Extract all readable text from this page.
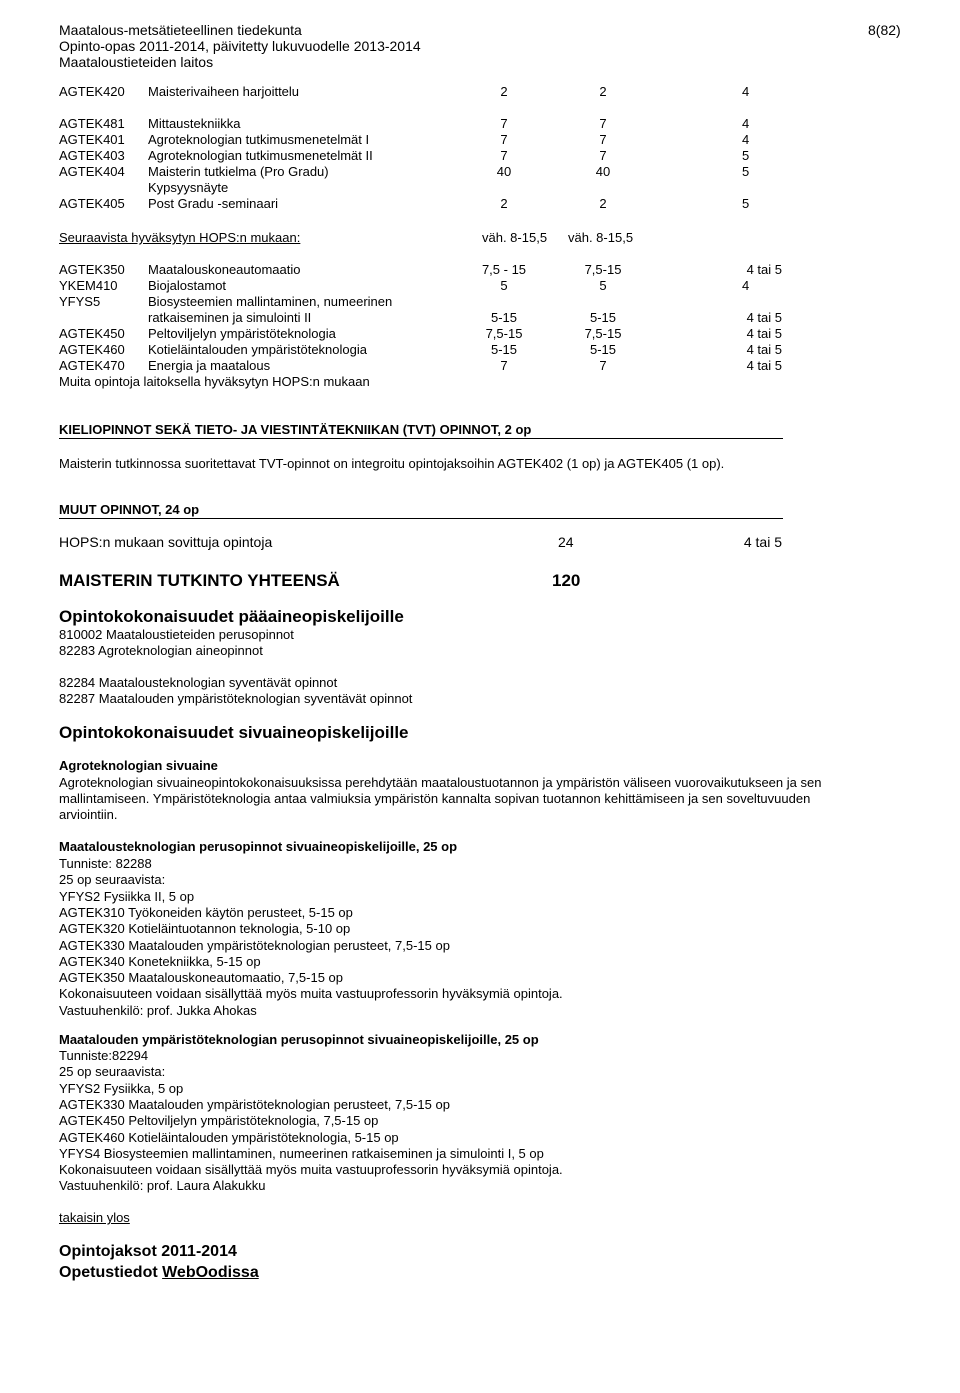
Maatalous-metsätieteellinen tiedekunta
Opinto-opas 2011-2014, päivitetty lukuvuodelle 2013-2014
Maataloustieteiden laitos
8(82)
AGTEK420 Maisterivaiheen harjoittelu	2	2	4
AGTEK481 Mittaustekniikka	7	7	4
AGTEK401 Agroteknologian tutkimusmenetelmät I	7	7	4
AGTEK403 Agroteknologian tutkimusmenetelmät II	7	7	5
AGTEK404 Maisterin tutkielma (Pro Gradu)	40	40	5
Kypsyysnäyte
AGTEK405 Post Gradu -seminaari	2	2	5
Seuraavista hyväksytyn HOPS:n mukaan:	väh. 8-15,5 väh. 8-15,5
AGTEK350 Maatalouskoneautomaatio	7,5 - 15	7,5-15	4 tai 5
YKEM410 Biojalostamot	5	5	4
YFYS5	Biosysteemien mallintaminen, numeerinen
ratkaiseminen ja simulointi II	5-15	5-15	4 tai 5
AGTEK450 Peltoviljelyn ympäristöteknologia	7,5-15	7,5-15	4 tai 5
AGTEK460 Kotieläintalouden ympäristöteknologia	5-15	5-15	4 tai 5
AGTEK470 Energia ja maatalous	7	7	4 tai 5
Muita opintoja laitoksella hyväksytyn HOPS:n mukaan
KIELIOPINNOT SEKÄ TIETO- JA VIESTINTÄTEKNIIKAN (TVT) OPINNOT, 2 op
Maisterin tutkinnossa suoritettavat TVT-opinnot on integroitu opintojaksoihin AGTEK402 (1 op) ja AGTEK405 (1 op).
MUUT OPINNOT, 24 op
HOPS:n mukaan sovittuja opintoja	24	4 tai 5
MAISTERIN TUTKINTO YHTEENSÄ	120
Opintokokonaisuudet pääaineopiskelijoille
810002 Maataloustieteiden perusopinnot
82283 Agroteknologian aineopinnot
82284 Maatalousteknologian syventävät opinnot
82287 Maatalouden ympäristöteknologian syventävät opinnot
Opintokokonaisuudet sivuaineopiskelijoille
Agroteknologian sivuaine
Agroteknologian sivuaineopintokokonaisuuksissa perehdytään maataloustuotannon ja ympäristön väliseen vuorovaikutukseen ja sen
mallintamiseen. Ympäristöteknologia antaa valmiuksia ympäristön kannalta sopivan tuotannon kehittämiseen ja sen soveltuvuuden
arviointiin.
Maatalousteknologian perusopinnot sivuaineopiskelijoille, 25 op
Tunniste: 82288
25 op seuraavista:
YFYS2 Fysiikka II, 5 op
AGTEK310 Työkoneiden käytön perusteet, 5-15 op
AGTEK320 Kotieläintuotannon teknologia, 5-10 op
AGTEK330 Maatalouden ympäristöteknologian perusteet, 7,5-15 op
AGTEK340 Konetekniikka, 5-15 op
AGTEK350 Maatalouskoneautomaatio, 7,5-15 op
Kokonaisuuteen voidaan sisällyttää myös muita vastuuprofessorin hyväksymiä opintoja.
Vastuuhenkilö: prof. Jukka Ahokas
Maatalouden ympäristöteknologian perusopinnot sivuaineopiskelijoille, 25 op
Tunniste:82294
25 op seuraavista:
YFYS2 Fysiikka, 5 op
AGTEK330 Maatalouden ympäristöteknologian perusteet, 7,5-15 op
AGTEK450 Peltoviljelyn ympäristöteknologia, 7,5-15 op
AGTEK460 Kotieläintalouden ympäristöteknologia, 5-15 op
YFYS4 Biosysteemien mallintaminen, numeerinen ratkaiseminen ja simulointi I, 5 op
Kokonaisuuteen voidaan sisällyttää myös muita vastuuprofessorin hyväksymiä opintoja.
Vastuuhenkilö: prof. Laura Alakukku
takaisin ylos
Opintojaksot 2011-2014
Opetustiedot WebOodissa
